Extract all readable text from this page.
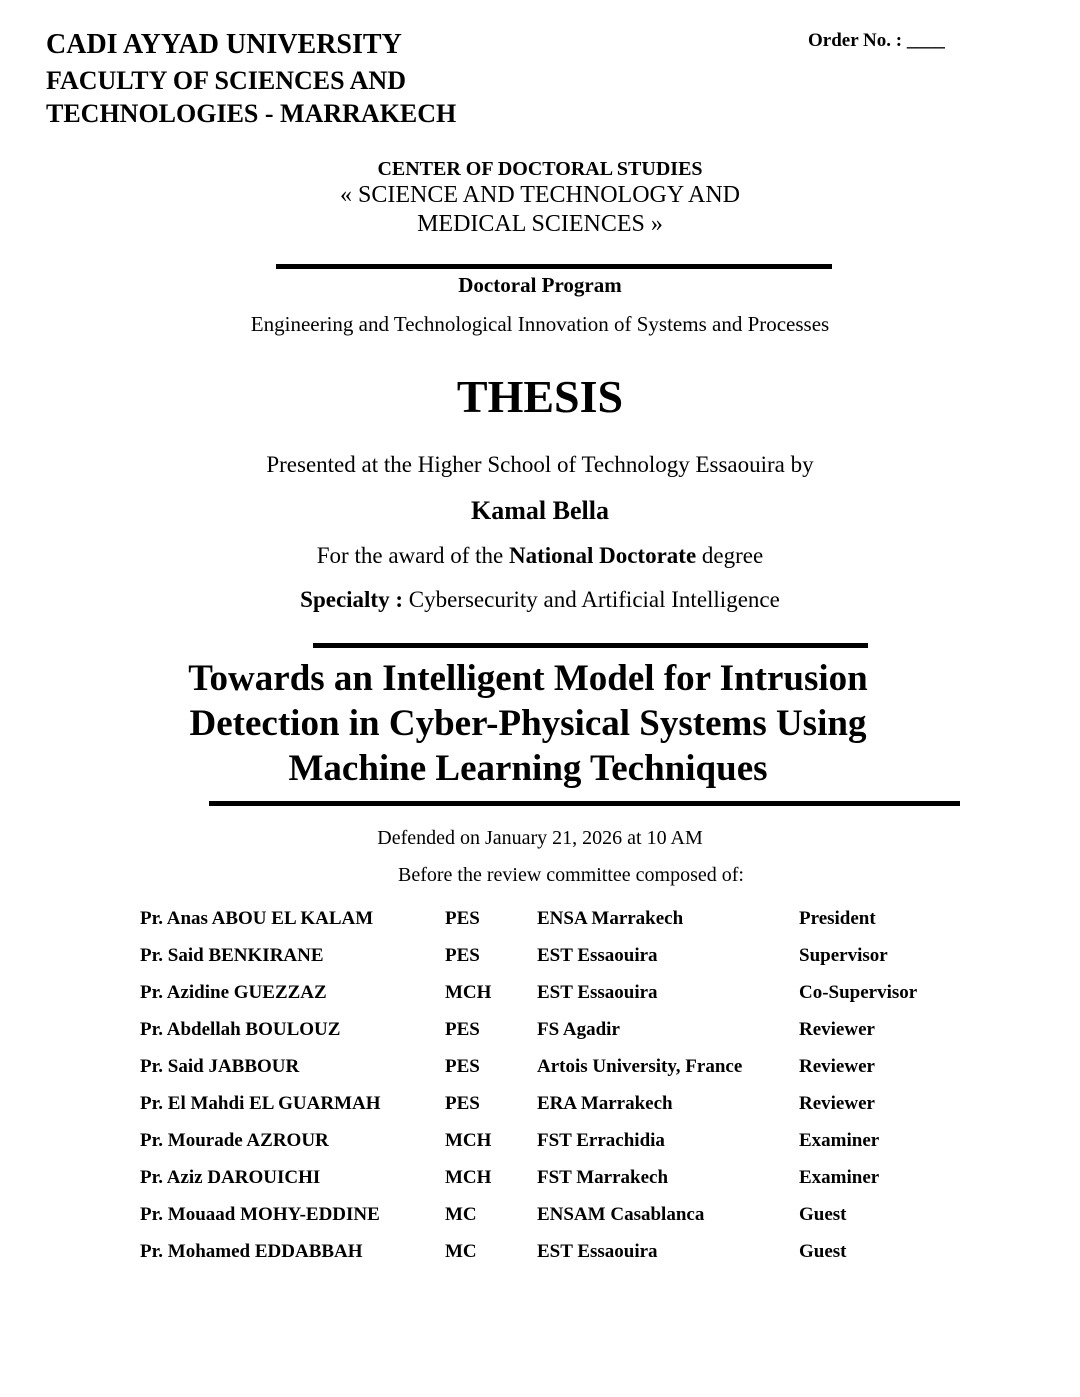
CADI AYYAD UNIVERSITY
FACULTY OF SCIENCES AND
TECHNOLOGIES - MARRAKECH
Order No. : ____
CENTER OF DOCTORAL STUDIES
« SCIENCE AND TECHNOLOGY AND
MEDICAL SCIENCES »
Doctoral Program
Engineering and Technological Innovation of Systems and Processes
THESIS
Presented at the Higher School of Technology Essaouira by
Kamal Bella
For the award of the National Doctorate degree
Specialty : Cybersecurity and Artificial Intelligence
Towards an Intelligent Model for Intrusion
Detection in Cyber-Physical Systems Using
Machine Learning Techniques
Defended on January 21, 2026 at 10 AM
Before the review committee composed of:
Pr. Anas ABOU EL KALAM	PES	ENSA Marrakech	President
Pr. Said BENKIRANE	PES	EST Essaouira	Supervisor
Pr. Azidine GUEZZAZ	MCH	EST Essaouira	Co-Supervisor
Pr. Abdellah BOULOUZ	PES	FS Agadir	Reviewer
Pr. Said JABBOUR	PES	Artois University, France	Reviewer
Pr. El Mahdi EL GUARMAH	PES	ERA Marrakech	Reviewer
Pr. Mourade AZROUR	MCH	FST Errachidia	Examiner
Pr. Aziz DAROUICHI	MCH	FST Marrakech	Examiner
Pr. Mouaad MOHY-EDDINE	MC	ENSAM Casablanca	Guest
Pr. Mohamed EDDABBAH	MC	EST Essaouira	Guest
